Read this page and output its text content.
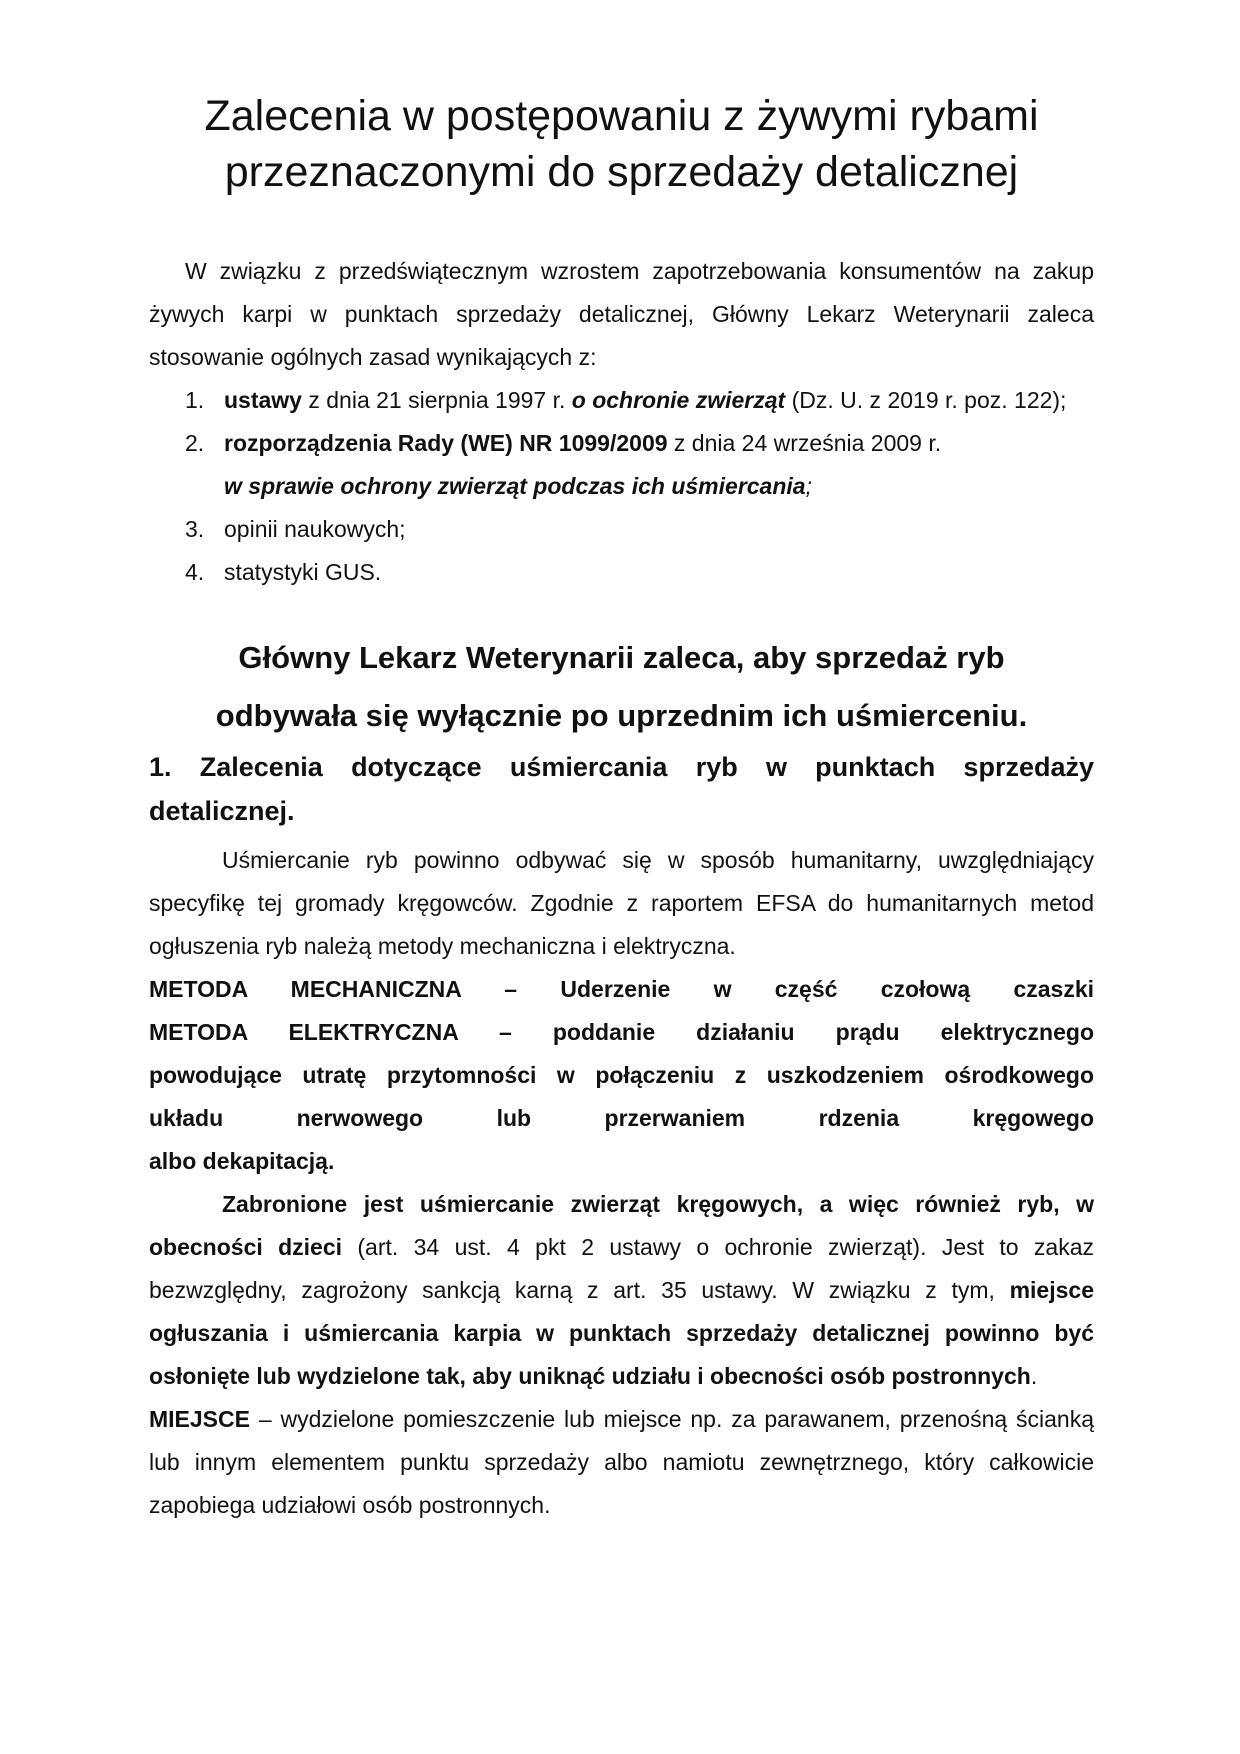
Zalecenia w postępowaniu z żywymi rybami
przeznaczonymi do sprzedaży detalicznej

W związku z przedświątecznym wzrostem zapotrzebowania konsumentów na zakup żywych karpi w punktach sprzedaży detalicznej, Główny Lekarz Weterynarii zaleca stosowanie ogólnych zasad wynikających z:

1. ustawy z dnia 21 sierpnia 1997 r. o ochronie zwierząt (Dz. U. z 2019 r. poz. 122);
2. rozporządzenia Rady (WE) NR 1099/2009 z dnia 24 września 2009 r.
w sprawie ochrony zwierząt podczas ich uśmiercania;
3. opinii naukowych;
4. statystyki GUS.
Główny Lekarz Weterynarii zaleca, aby sprzedaż ryb
odbywała się wyłącznie po uprzednim ich uśmierceniu.
1. Zalecenia dotyczące uśmiercania ryb w punktach sprzedaży detalicznej.

Uśmiercanie ryb powinno odbywać się w sposób humanitarny, uwzględniający specyfikę tej gromady kręgowców. Zgodnie z raportem EFSA do humanitarnych metod ogłuszenia ryb należą metody mechaniczna i elektryczna.

METODA MECHANICZNA – Uderzenie w część czołową czaszki
METODA ELEKTRYCZNA – poddanie działaniu prądu elektrycznego
powodujące utratę przytomności w połączeniu z uszkodzeniem ośrodkowego
układu nerwowego lub przerwaniem rdzenia kręgowego
albo dekapitacją.

Zabronione jest uśmiercanie zwierząt kręgowych, a więc również ryb, w obecności dzieci (art. 34 ust. 4 pkt 2 ustawy o ochronie zwierząt). Jest to zakaz bezwzględny, zagrożony sankcją karną z art. 35 ustawy. W związku z tym, miejsce ogłuszania i uśmiercania karpia w punktach sprzedaży detalicznej powinno być osłonięte lub wydzielone tak, aby uniknąć udziału i obecności osób postronnych.

MIEJSCE – wydzielone pomieszczenie lub miejsce np. za parawanem, przenośną ścianką lub innym elementem punktu sprzedaży albo namiotu zewnętrznego, który całkowicie zapobiega udziałowi osób postronnych.
